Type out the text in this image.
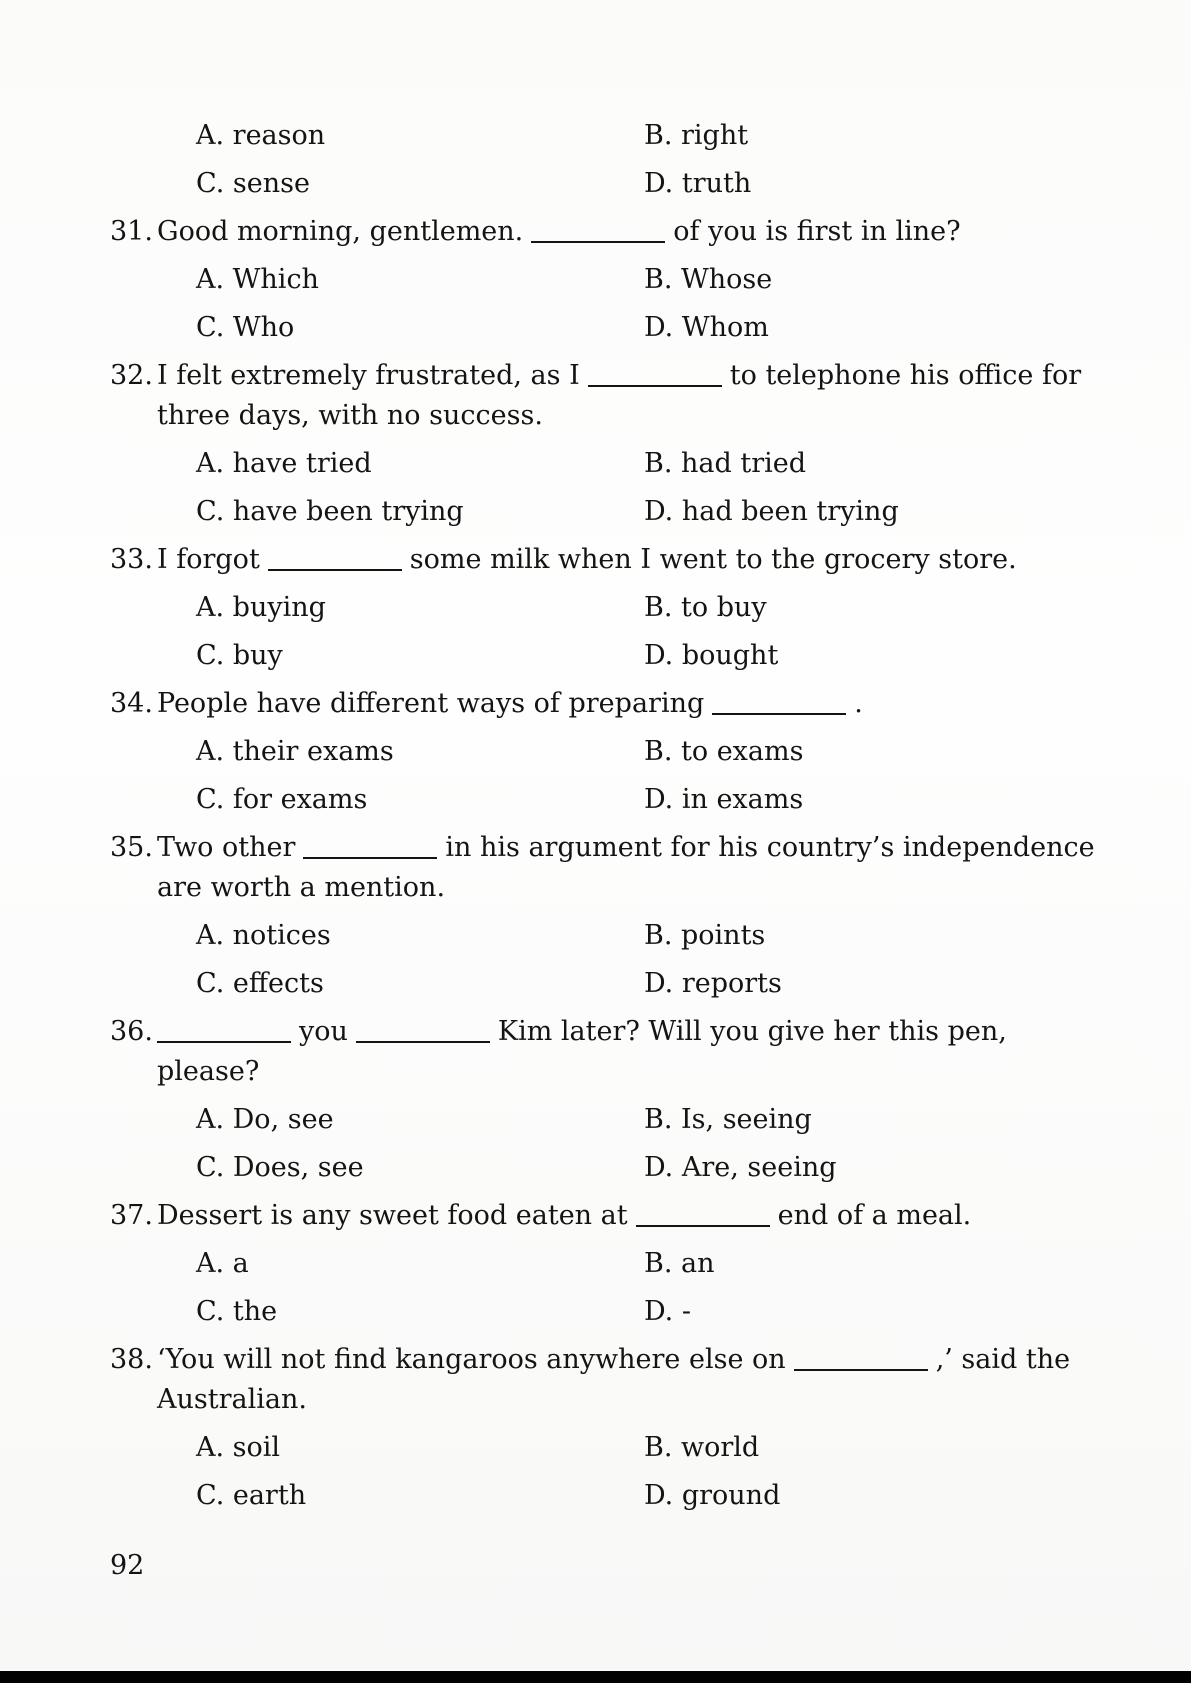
A. reason	B. right
C. sense	D. truth
31. Good morning, gentlemen.	of you is first in line?
A. Which	B. Whose
C. Who	D. Whom
32. I felt extremely frustrated, as I	to telephone his office for
three days, with no success.
A. have tried	B. had tried
C. have been trying	D. had been trying
33. I forgot	some milk when I went to the grocery store.
A. buying	B. to buy
C. buy	D. bought
34. People have different ways of preparing	.
A. their exams	B. to exams
C. for exams	D. in exams
35. Two other	in his argument for his country’s independence
are worth a mention.
A. notices	B. points
C. effects	D. reports
36.	you	Kim later? Will you give her this pen,
please?
A. Do, see	B. Is, seeing
C. Does, see	D. Are, seeing
37. Dessert is any sweet food eaten at	end of a meal.
A. a	B. an
C. the	D. -
38. ‘You will not find kangaroos anywhere else on	,’ said the
Australian.
A. soil	B. world
C. earth	D. ground
92
